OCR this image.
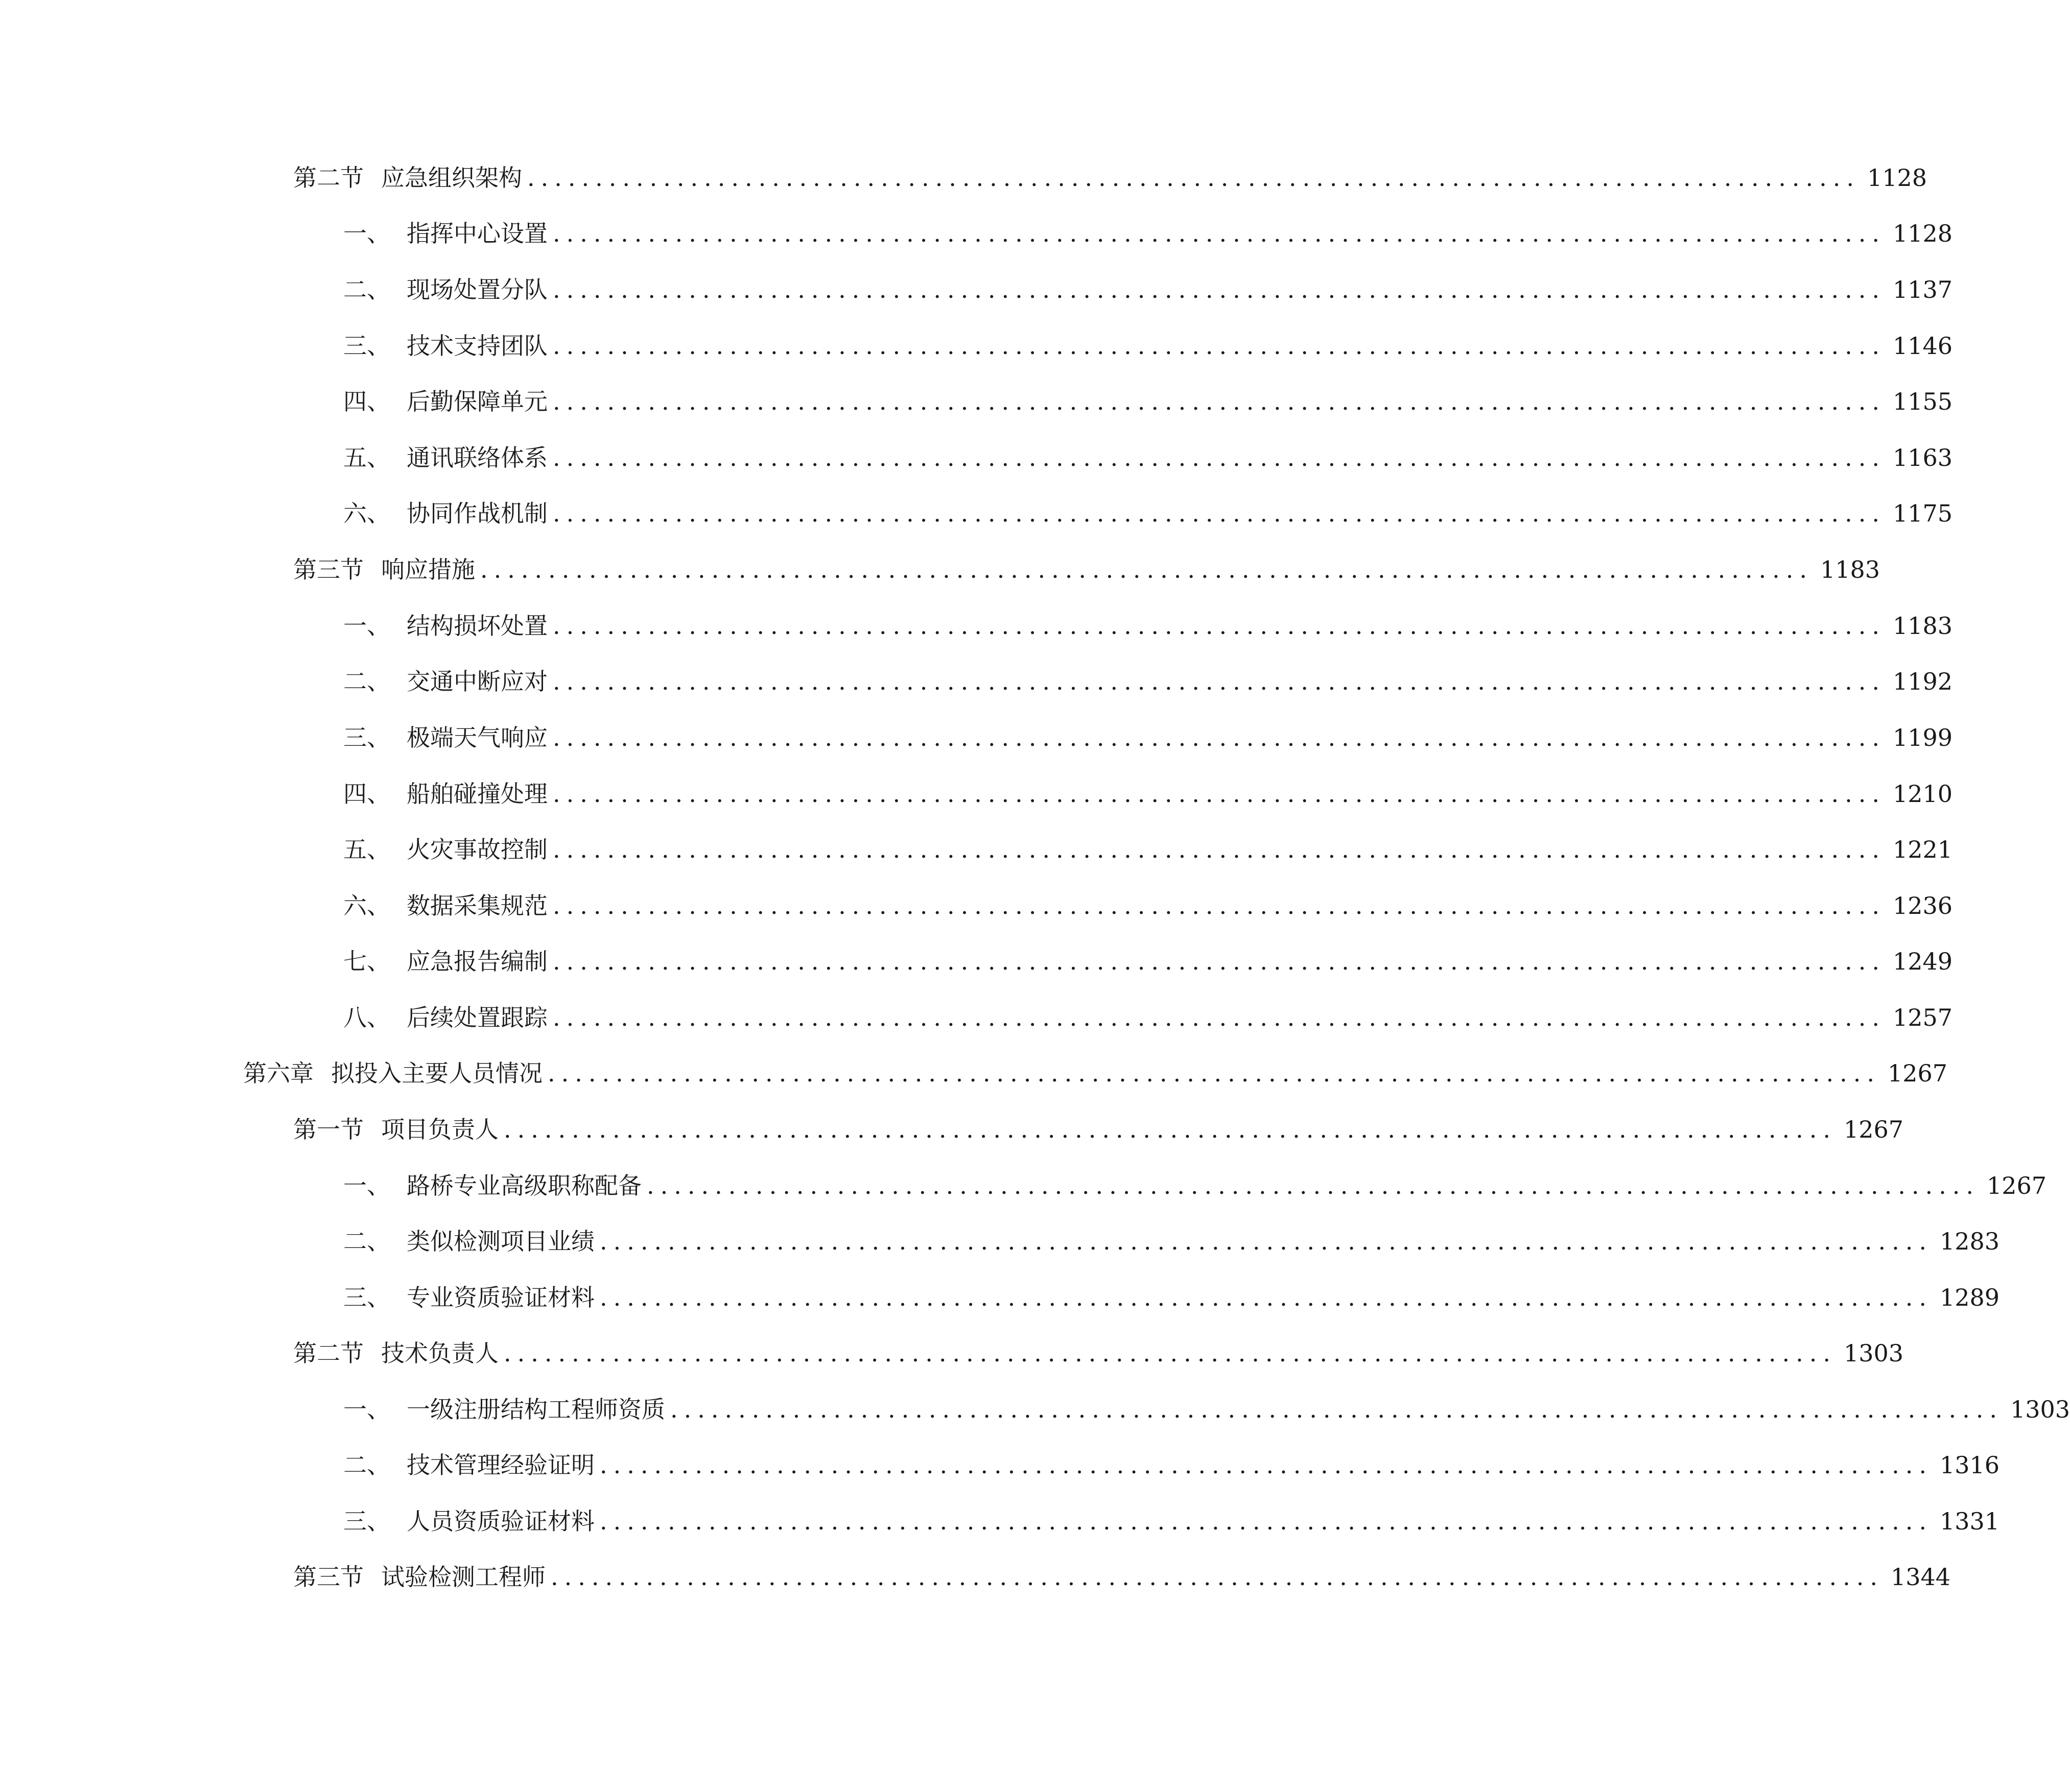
第二节 应急组织架构 .................................................................................................. 1128
一、 指挥中心设置 .................................................................................................. 1128
二、 现场处置分队 .................................................................................................. 1137
三、 技术支持团队 .................................................................................................. 1146
四、 后勤保障单元 .................................................................................................. 1155
五、 通讯联络体系 .................................................................................................. 1163
六、 协同作战机制 .................................................................................................. 1175
第三节 响应措施 .................................................................................................. 1183
一、 结构损坏处置 .................................................................................................. 1183
二、 交通中断应对 .................................................................................................. 1192
三、 极端天气响应 .................................................................................................. 1199
四、 船舶碰撞处理 .................................................................................................. 1210
五、 火灾事故控制 .................................................................................................. 1221
六、 数据采集规范 .................................................................................................. 1236
七、 应急报告编制 .................................................................................................. 1249
八、 后续处置跟踪 .................................................................................................. 1257
第六章 拟投入主要人员情况 .................................................................................................. 1267
第一节 项目负责人 .................................................................................................. 1267
一、 路桥专业高级职称配备 .................................................................................................. 1267
二、 类似检测项目业绩 .................................................................................................. 1283
三、 专业资质验证材料 .................................................................................................. 1289
第二节 技术负责人 .................................................................................................. 1303
一、 一级注册结构工程师资质 .................................................................................................. 1303
二、 技术管理经验证明 .................................................................................................. 1316
三、 人员资质验证材料 .................................................................................................. 1331
第三节 试验检测工程师 .................................................................................................. 1344
